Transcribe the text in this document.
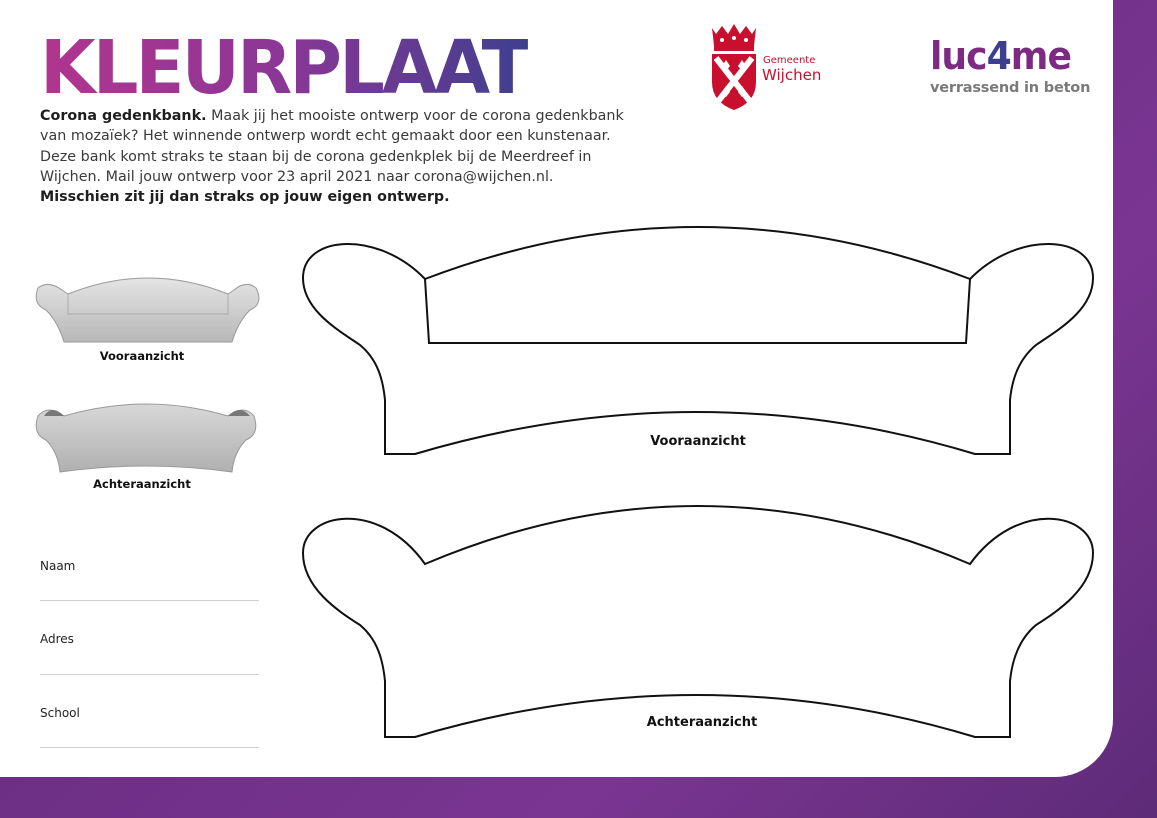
KLEURPLAAT
Corona gedenkbank. Maak jij het mooiste ontwerp voor de corona gedenkbank van mozaïek? Het winnende ontwerp wordt echt gemaakt door een kunstenaar. Deze bank komt straks te staan bij de corona gedenkplek bij de Meerdreef in Wijchen. Mail jouw ontwerp voor 23 april 2021 naar corona@wijchen.nl.
Misschien zit jij dan straks op jouw eigen ontwerp.
Gemeente
Wijchen	luc4me
verrassend in beton
Vooraanzicht
Achteraanzicht
Naam
Adres
School
Vooraanzicht
Achteraanzicht
